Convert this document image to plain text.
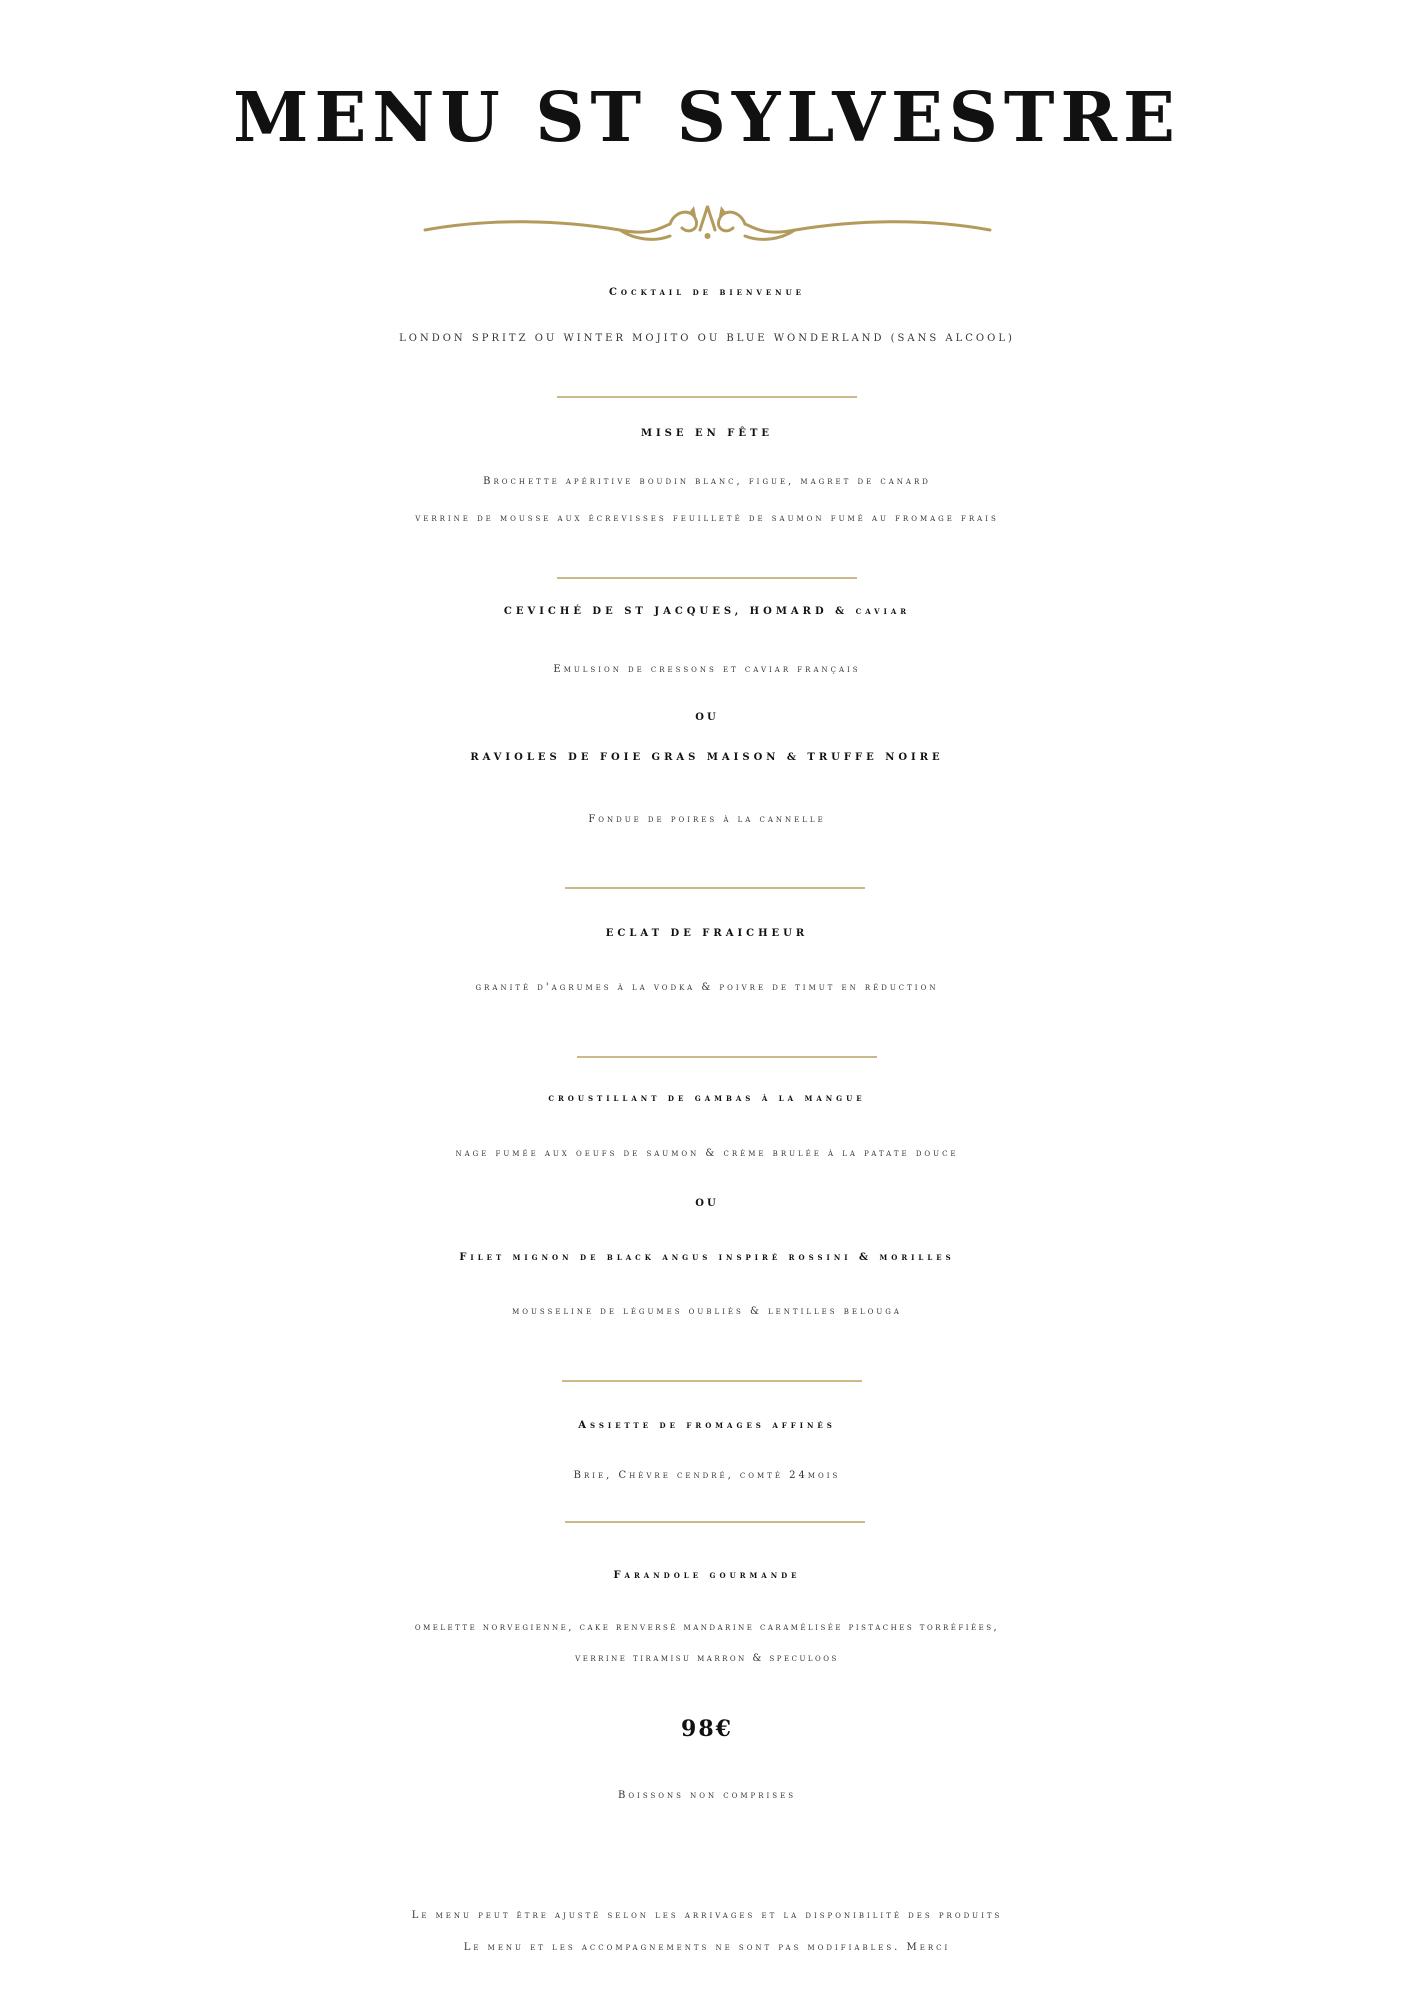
MENU ST SYLVESTRE
Cocktail de bienvenue
LONDON SPRITZ OU WINTER MOJITO OU BLUE WONDERLAND (SANS ALCOOL)
MISE EN FÊTE
Brochette apéritive boudin blanc, figue, magret de canard
verrine de mousse aux écrevisses feuilleté de saumon fumé au fromage frais
CEVICHÉ DE ST JACQUES, HOMARD & caviar
Emulsion de cressons et caviar français
OU
RAVIOLES DE FOIE GRAS MAISON & TRUFFE NOIRE
Fondue de poires à la cannelle
ECLAT DE FRAICHEUR
granité d'agrumes à la vodka & poivre de timut en réduction
croustillant de gambas à la mangue
nage fumée aux oeufs de saumon & crème brulée à la patate douce
OU
Filet mignon de black angus inspiré rossini & morilles
mousseline de légumes oubliés & lentilles belouga
Assiette de fromages affinés
Brie, Chèvre cendré, comté 24mois
Farandole gourmande
omelette norvegienne, cake renversé mandarine caramélisée pistaches torréfiées,
verrine tiramisu marron & speculoos
98€
Boissons non comprises
Le menu peut être ajusté selon les arrivages et la disponibilité des produits
Le menu et les accompagnements ne sont pas modifiables. Merci
